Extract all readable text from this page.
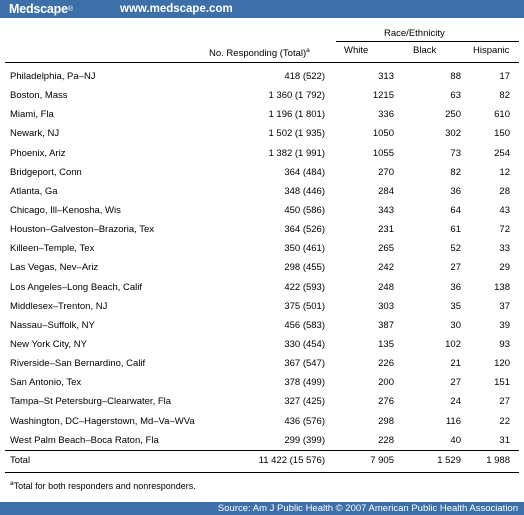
Medscape®	www.medscape.com
Race/Ethnicity
No. Responding (Total)$^a$	White	Black	Hispanic
Philadelphia, Pa–NJ	418 (522)	313	88	17
Boston, Mass	1 360 (1 792)	1215	63	82
Miami, Fla	1 196 (1 801)	336	250	610
Newark, NJ	1 502 (1 935)	1050	302	150
Phoenix, Ariz	1 382 (1 991)	1055	73	254
Bridgeport, Conn	364 (484)	270	82	12
Atlanta, Ga	348 (446)	284	36	28
Chicago, Ill–Kenosha, Wis	450 (586)	343	64	43
Houston–Galveston–Brazoria, Tex	364 (526)	231	61	72
Killeen–Temple, Tex	350 (461)	265	52	33
Las Vegas, Nev–Ariz	298 (455)	242	27	29
Los Angeles–Long Beach, Calif	422 (593)	248	36	138
Middlesex–Trenton, NJ	375 (501)	303	35	37
Nassau–Suffolk, NY	456 (583)	387	30	39
New York City, NY	330 (454)	135	102	93
Riverside–San Bernardino, Calif	367 (547)	226	21	120
San Antonio, Tex	378 (499)	200	27	151
Tampa–St Petersburg–Clearwater, Fla	327 (425)	276	24	27
Washington, DC–Hagerstown, Md–Va–WVa	436 (576)	298	116	22
West Palm Beach–Boca Raton, Fla	299 (399)	228	40	31
Total	11 422 (15 576)	7 905	1 529	1 988
$^a$Total for both responders and nonresponders.
Source: Am J Public Health © 2007 American Public Health Association
